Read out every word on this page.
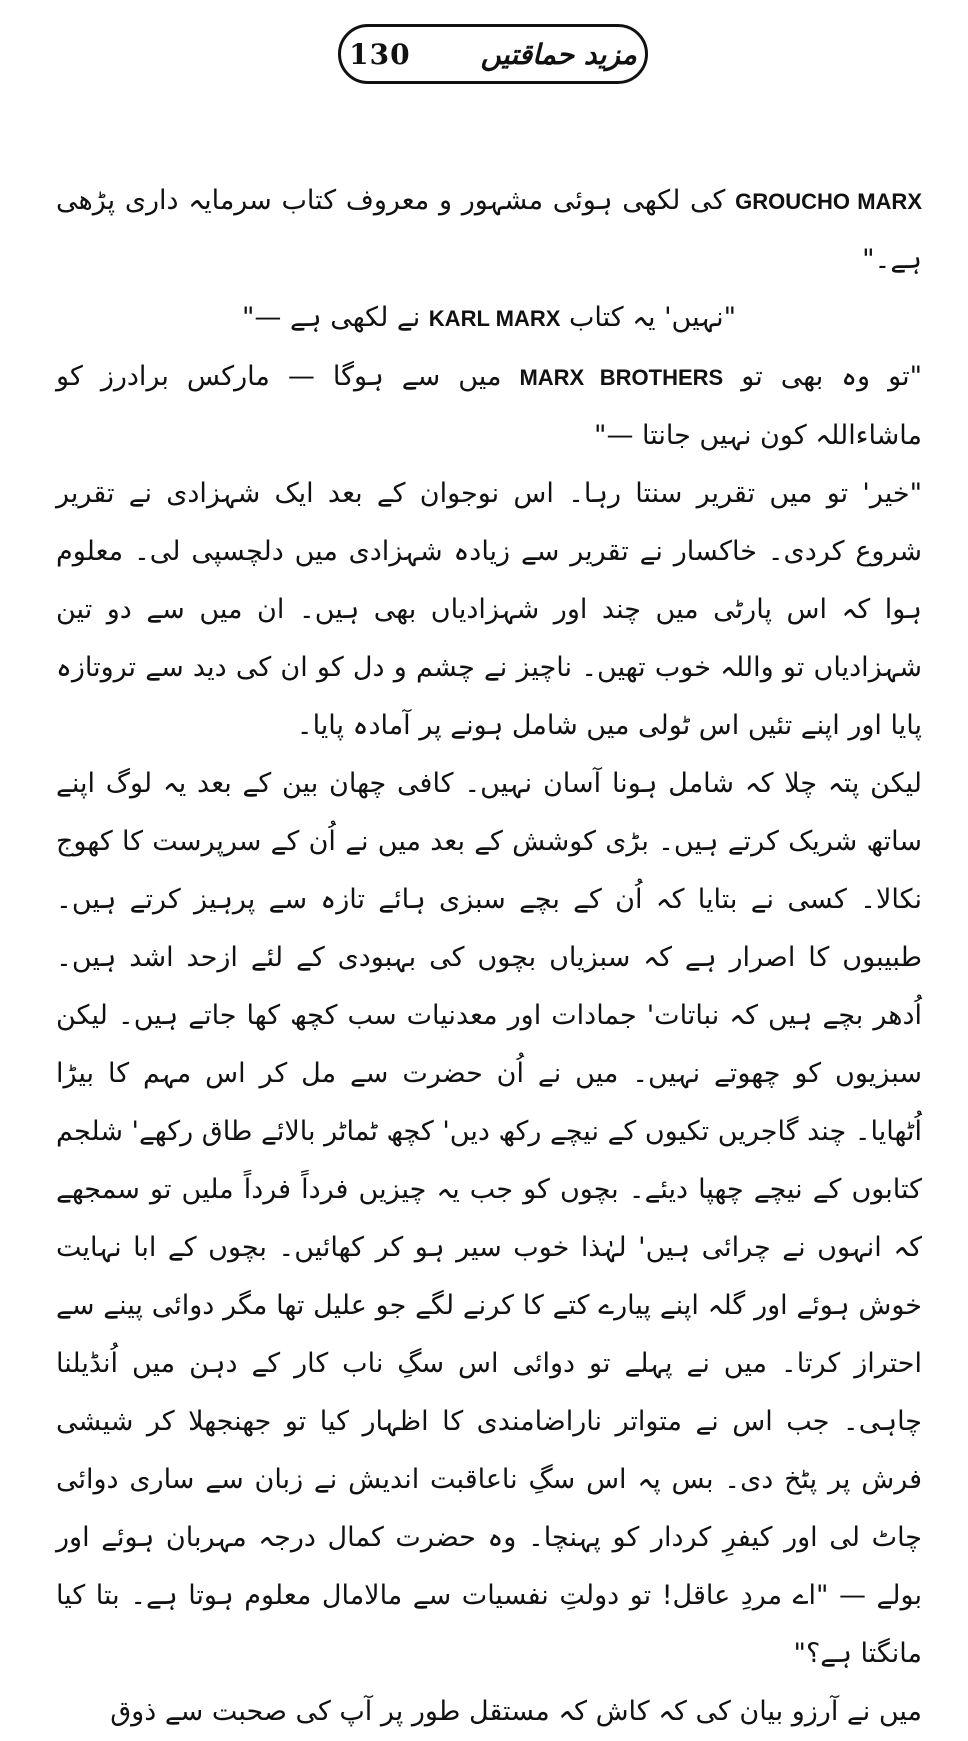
130	مزید حماقتیں

GROUCHO MARX کی لکھی ہوئی مشہور و معروف کتاب سرمایہ داری پڑھی ہے۔"

"نہیں' یہ کتاب KARL MARX نے لکھی ہے —"

"تو وہ بھی تو MARX BROTHERS میں سے ہوگا — مارکس برادرز کو ماشاءاللہ کون نہیں جانتا —"

"خیر' تو میں تقریر سنتا رہا۔ اس نوجوان کے بعد ایک شہزادی نے تقریر شروع کردی۔ خاکسار نے تقریر سے زیادہ شہزادی میں دلچسپی لی۔ معلوم ہوا کہ اس پارٹی میں چند اور شہزادیاں بھی ہیں۔ ان میں سے دو تین شہزادیاں تو واللہ خوب تھیں۔ ناچیز نے چشم و دل کو ان کی دید سے تروتازہ پایا اور اپنے تئیں اس ٹولی میں شامل ہونے پر آمادہ پایا۔

لیکن پتہ چلا کہ شامل ہونا آسان نہیں۔ کافی چھان بین کے بعد یہ لوگ اپنے ساتھ شریک کرتے ہیں۔ بڑی کوشش کے بعد میں نے اُن کے سرپرست کا کھوج نکالا۔ کسی نے بتایا کہ اُن کے بچے سبزی ہائے تازہ سے پرہیز کرتے ہیں۔ طبیبوں کا اصرار ہے کہ سبزیاں بچوں کی بہبودی کے لئے ازحد اشد ہیں۔ اُدھر بچے ہیں کہ نباتات' جمادات اور معدنیات سب کچھ کھا جاتے ہیں۔ لیکن سبزیوں کو چھوتے نہیں۔ میں نے اُن حضرت سے مل کر اس مہم کا بیڑا اُٹھایا۔ چند گاجریں تکیوں کے نیچے رکھ دیں' کچھ ٹماٹر بالائے طاق رکھے' شلجم کتابوں کے نیچے چھپا دیئے۔ بچوں کو جب یہ چیزیں فرداً فرداً ملیں تو سمجھے کہ انہوں نے چرائی ہیں' لہٰذا خوب سیر ہو کر کھائیں۔ بچوں کے ابا نہایت خوش ہوئے اور گلہ اپنے پیارے کتے کا کرنے لگے جو علیل تھا مگر دوائی پینے سے احتراز کرتا۔ میں نے پہلے تو دوائی اس سگِ ناب کار کے دہن میں اُنڈیلنا چاہی۔ جب اس نے متواتر ناراضامندی کا اظہار کیا تو جھنجھلا کر شیشی فرش پر پٹخ دی۔ بس پہ اس سگِ ناعاقبت اندیش نے زبان سے ساری دوائی چاٹ لی اور کیفرِ کردار کو پہنچا۔ وہ حضرت کمال درجہ مہربان ہوئے اور بولے — "اے مردِ عاقل! تو دولتِ نفسیات سے مالامال معلوم ہوتا ہے۔ بتا کیا مانگتا ہے؟"

میں نے آرزو بیان کی کہ کاش کہ مستقل طور پر آپ کی صحبت سے ذوق
